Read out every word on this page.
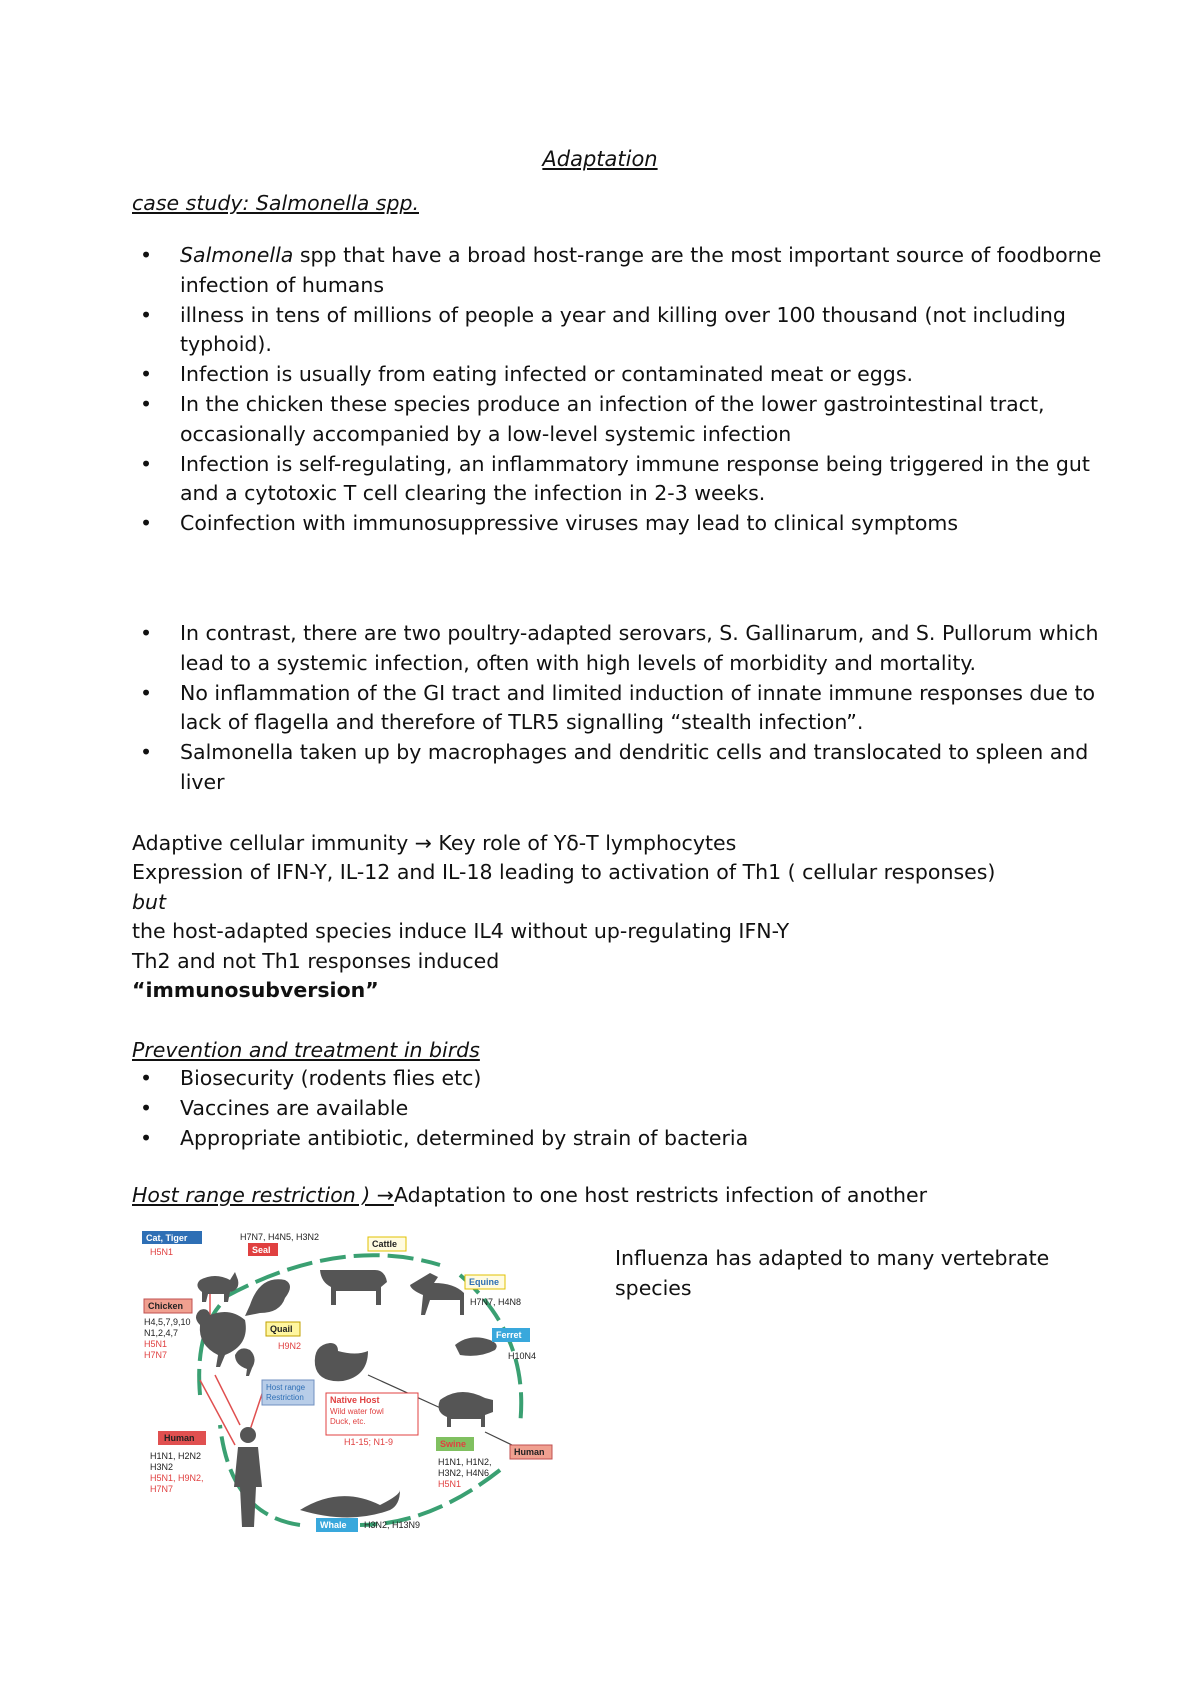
Adaptation
case study: Salmonella spp.
• Salmonella spp that have a broad host-range are the most important source of foodborne infection of humans
• illness in tens of millions of people a year and killing over 100 thousand (not including typhoid).
• Infection is usually from eating infected or contaminated meat or eggs.
• In the chicken these species produce an infection of the lower gastrointestinal tract, occasionally accompanied by a low-level systemic infection
• Infection is self-regulating, an inflammatory immune response being triggered in the gut and a cytotoxic T cell clearing the infection in 2-3 weeks.
• Coinfection with immunosuppressive viruses may lead to clinical symptoms
• In contrast, there are two poultry-adapted serovars, S. Gallinarum, and S. Pullorum which lead to a systemic infection, often with high levels of morbidity and mortality.
• No inflammation of the GI tract and limited induction of innate immune responses due to lack of flagella and therefore of TLR5 signalling “stealth infection”.
• Salmonella taken up by macrophages and dendritic cells and translocated to spleen and liver
Adaptive cellular immunity → Key role of Yδ-T lymphocytes
Expression of IFN-Y, IL-12 and IL-18 leading to activation of Th1 ( cellular responses)
but
the host-adapted species induce IL4 without up-regulating IFN-Y
Th2 and not Th1 responses induced
“immunosubversion”
Prevention and treatment in birds
• Biosecurity (rodents flies etc)
• Vaccines are available
• Appropriate antibiotic, determined by strain of bacteria
Host range restriction ) →Adaptation to one host restricts infection of another
Influenza has adapted to many vertebrate species
Cat, Tiger
H5N1
H7N7, H4N5, H3N2
Seal
Cattle
Equine
H7N7, H4N8
Ferret
H10N4
Chicken
H4,5,7,9,10
N1,2,4,7
H5N1
H7N7
Quail
H9N2
Host range
Restriction	Native Host
Wild water fowl
Duck, etc.
H1-15; N1-9
Human
H1N1, H2N2
H3N2
H5N1, H9N2,
H7N7
Swine
H1N1, H1N2,
H3N2, H4N6
H5N1
Human
Whale H3N2, H13N9
